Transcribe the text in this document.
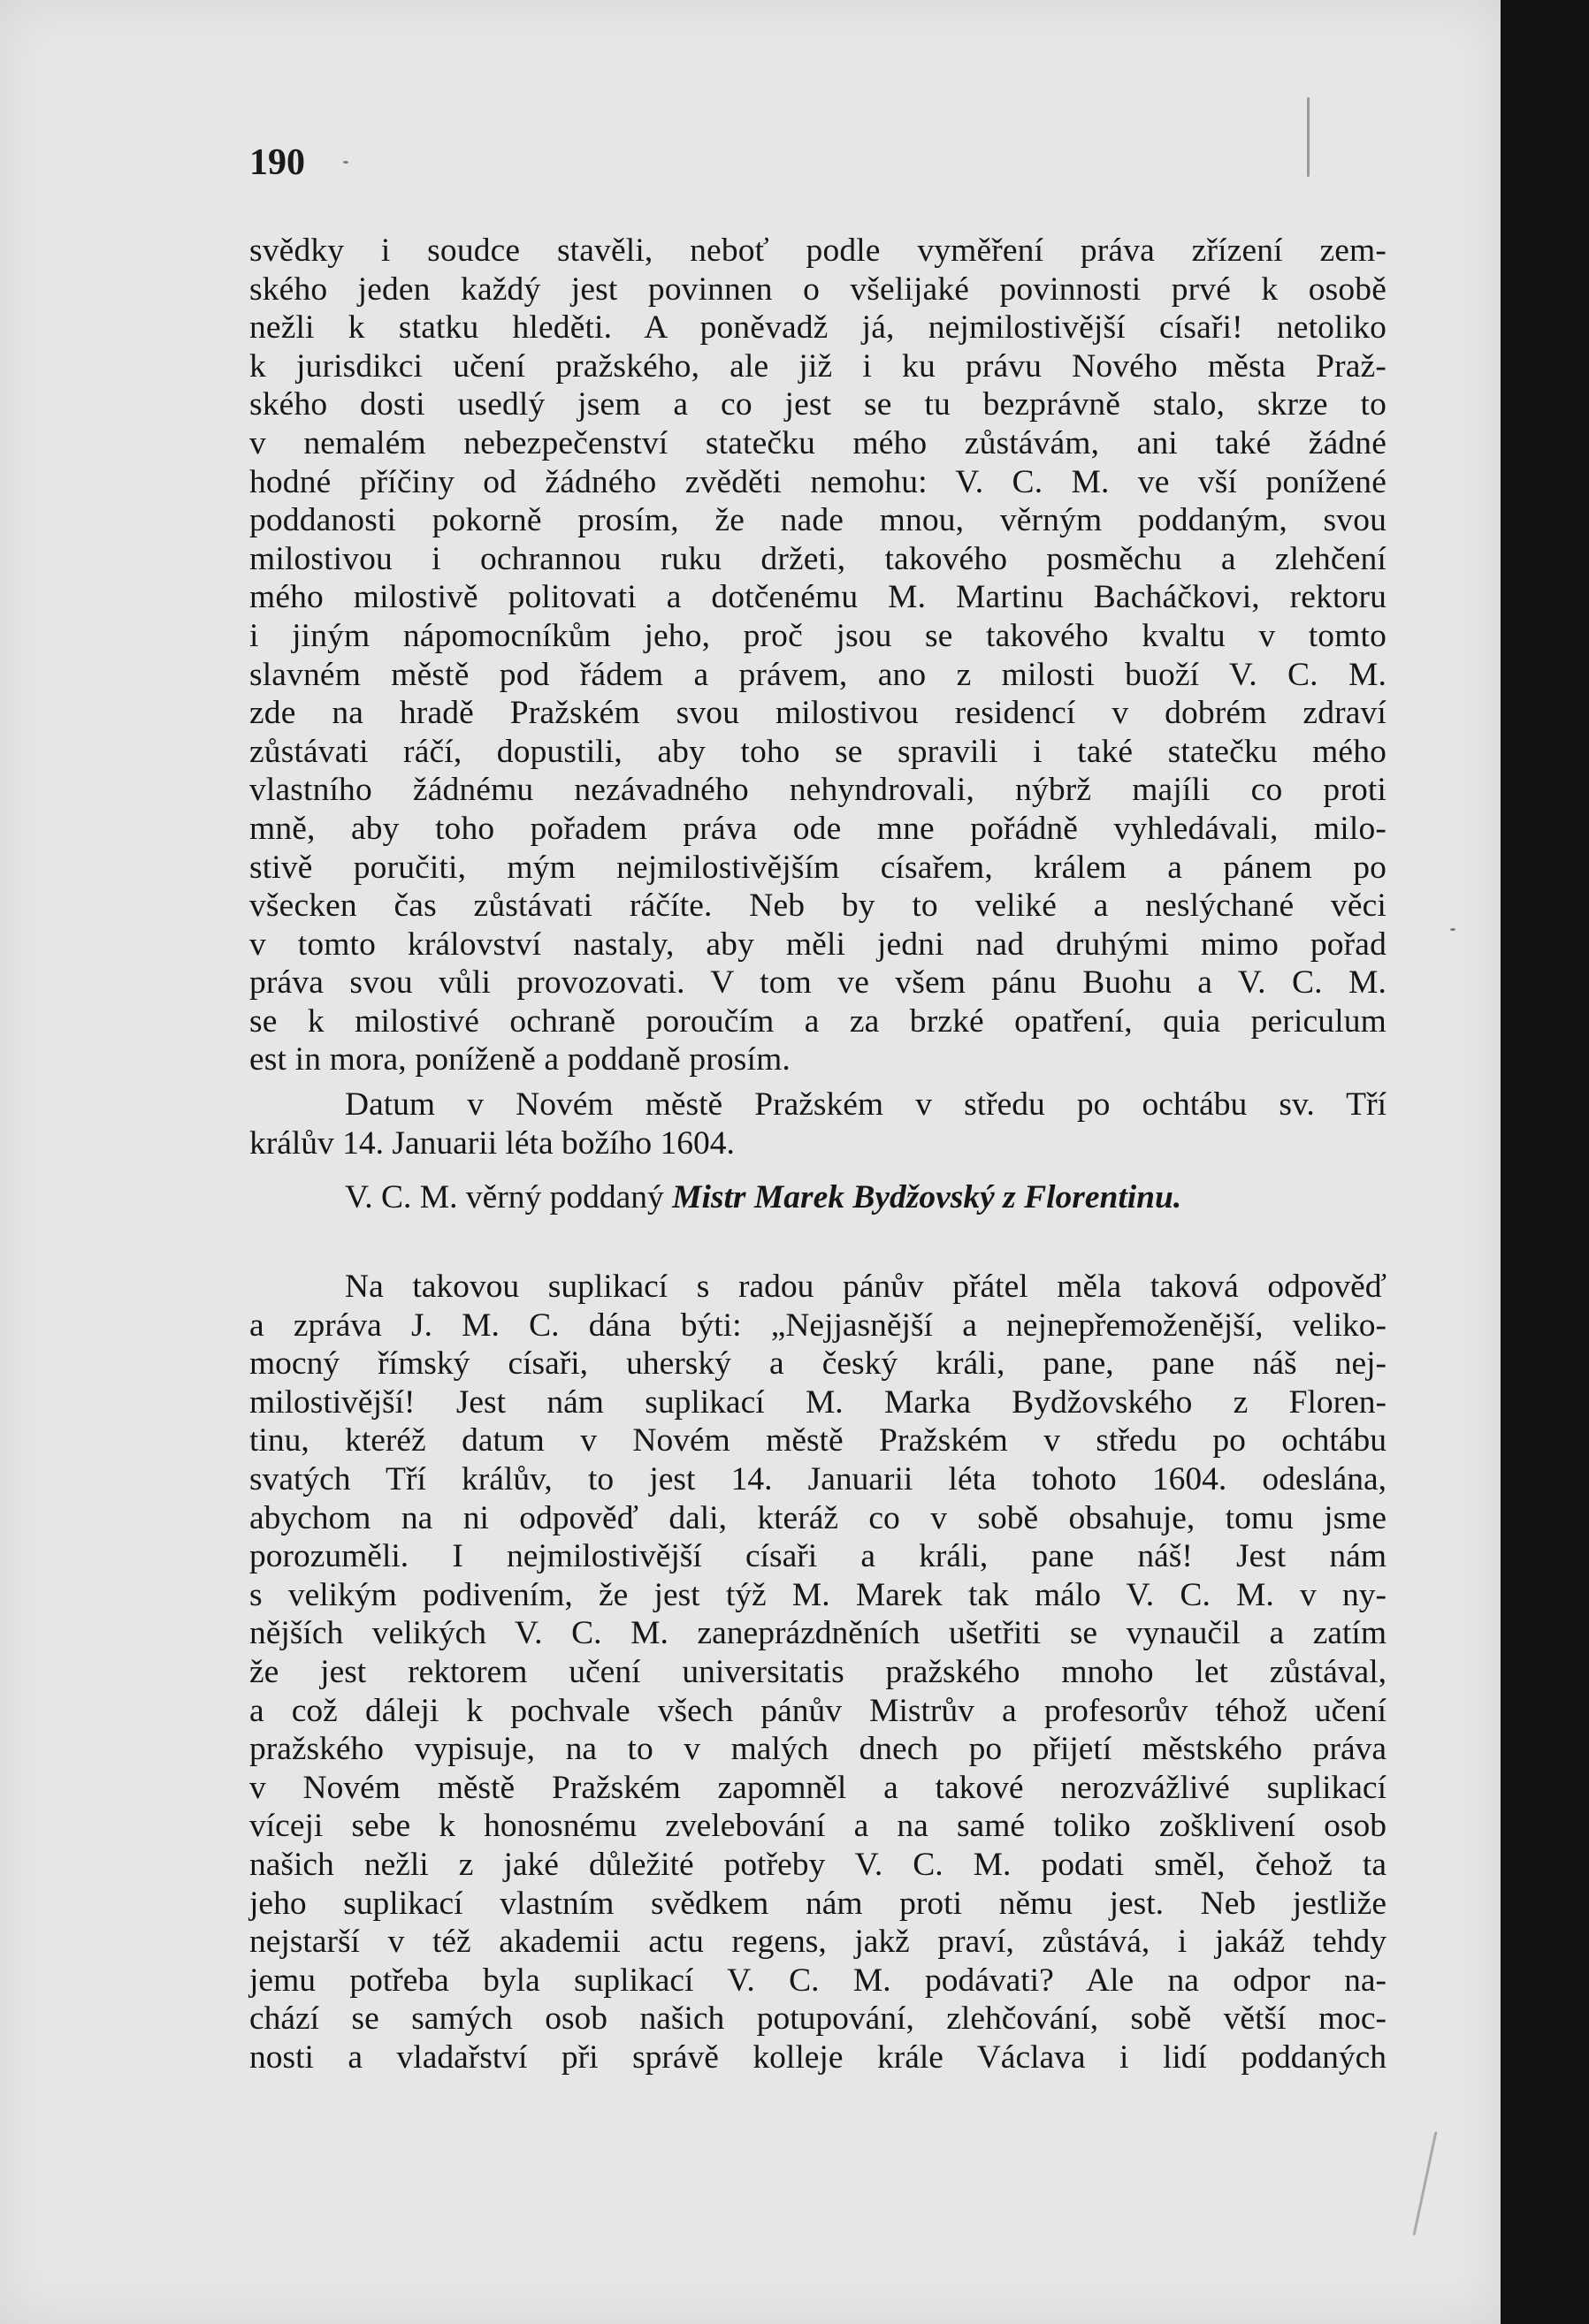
190
svědky i soudce stavěli, neboť podle vyměření práva zřízení zem-
ského jeden každý jest povinnen o všelijaké povinnosti prvé k osobě
nežli k statku hleděti. A poněvadž já, nejmilostivější císaři! netoliko
k jurisdikci učení pražského, ale již i ku právu Nového města Praž-
ského dosti usedlý jsem a co jest se tu bezprávně stalo, skrze to
v nemalém nebezpečenství statečku mého zůstávám, ani také žádné
hodné příčiny od žádného zvěděti nemohu: V. C. M. ve vší ponížené
poddanosti pokorně prosím, že nade mnou, věrným poddaným, svou
milostivou i ochrannou ruku držeti, takového posměchu a zlehčení
mého milostivě politovati a dotčenému M. Martinu Bacháčkovi, rektoru
i jiným nápomocníkům jeho, proč jsou se takového kvaltu v tomto
slavném městě pod řádem a právem, ano z milosti buoží V. C. M.
zde na hradě Pražském svou milostivou residencí v dobrém zdraví
zůstávati ráčí, dopustili, aby toho se spravili i také statečku mého
vlastního žádnému nezávadného nehyndrovali, nýbrž majíli co proti
mně, aby toho pořadem práva ode mne pořádně vyhledávali, milo-
stivě poručiti, mým nejmilostivějším císařem, králem a pánem po
všecken čas zůstávati ráčíte. Neb by to veliké a neslýchané věci
v tomto království nastaly, aby měli jedni nad druhými mimo pořad
práva svou vůli provozovati. V tom ve všem pánu Buohu a V. C. M.
se k milostivé ochraně poroučím a za brzké opatření, quia periculum
est in mora, poníženě a poddaně prosím.
Datum v Novém městě Pražském v středu po ochtábu sv. Tří
králův 14. Januarii léta božího 1604.
V. C. M. věrný poddaný Mistr Marek Bydžovský z Florentinu.
Na takovou suplikací s radou pánův přátel měla taková odpověď
a zpráva J. M. C. dána býti: „Nejjasnější a nejnepřemoženější, veliko-
mocný římský císaři, uherský a český králi, pane, pane náš nej-
milostivější! Jest nám suplikací M. Marka Bydžovského z Floren-
tinu, kteréž datum v Novém městě Pražském v středu po ochtábu
svatých Tří králův, to jest 14. Januarii léta tohoto 1604. odeslána,
abychom na ni odpověď dali, kteráž co v sobě obsahuje, tomu jsme
porozuměli. I nejmilostivější císaři a králi, pane náš! Jest nám
s velikým podivením, že jest týž M. Marek tak málo V. C. M. v ny-
nějších velikých V. C. M. zaneprázdněních ušetřiti se vynaučil a zatím
že jest rektorem učení universitatis pražského mnoho let zůstával,
a což dáleji k pochvale všech pánův Mistrův a profesorův téhož učení
pražského vypisuje, na to v malých dnech po přijetí městského práva
v Novém městě Pražském zapomněl a takové nerozvážlivé suplikací
víceji sebe k honosnému zvelebování a na samé toliko zošklivení osob
našich nežli z jaké důležité potřeby V. C. M. podati směl, čehož ta
jeho suplikací vlastním svědkem nám proti němu jest. Neb jestliže
nejstarší v též akademii actu regens, jakž praví, zůstává, i jakáž tehdy
jemu potřeba byla suplikací V. C. M. podávati? Ale na odpor na-
chází se samých osob našich potupování, zlehčování, sobě větší moc-
nosti a vladařství při správě kolleje krále Václava i lidí poddaných
